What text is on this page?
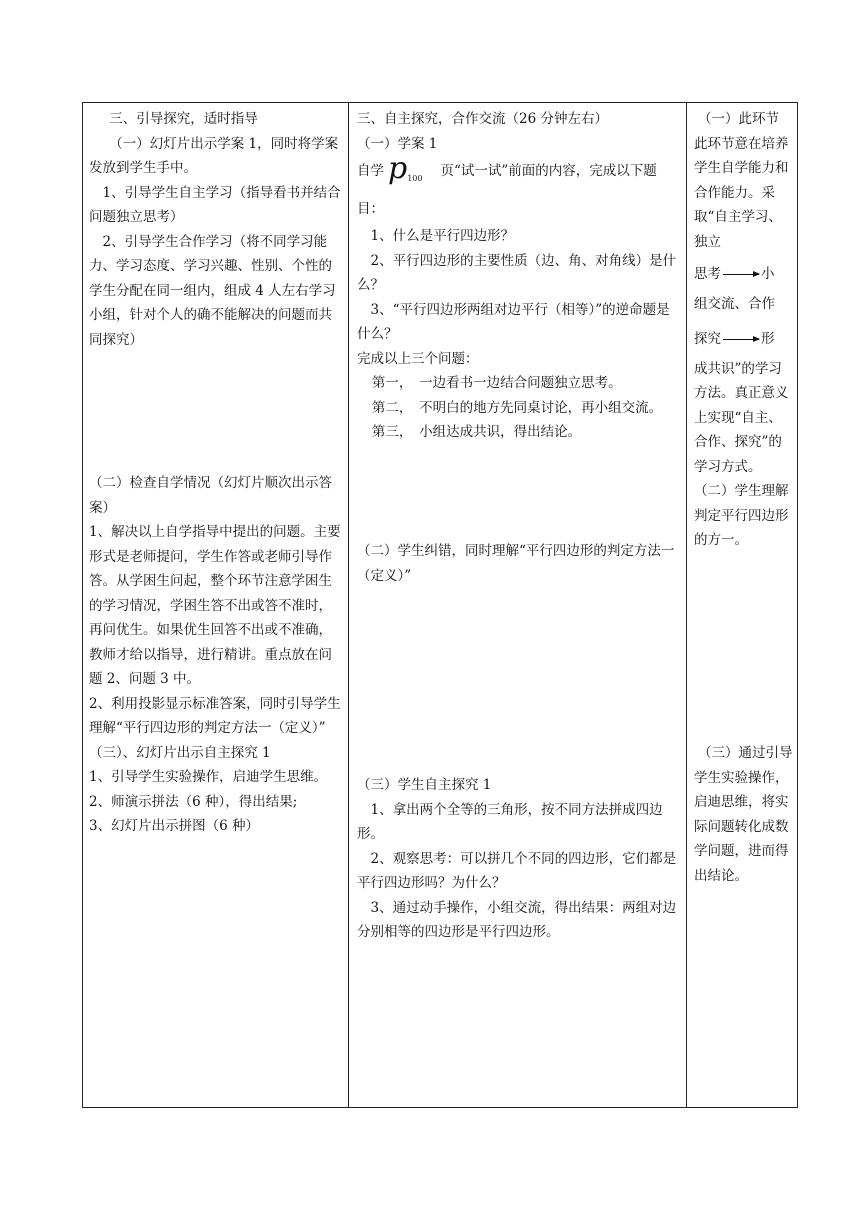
三、引导探究，适时指导
（一）幻灯片出示学案 1，同时将学案发放到学生手中。
1、引导学生自主学习（指导看书并结合问题独立思考）
2、引导学生合作学习（将不同学习能力、学习态度、学习兴趣、性别、个性的学生分配在同一组内，组成 4 人左右学习小组，针对个人的确不能解决的问题而共同探究）
（二）检查自学情况（幻灯片顺次出示答案）
1、解决以上自学指导中提出的问题。主要形式是老师提问，学生作答或老师引导作答。从学困生问起，整个环节注意学困生的学习情况，学困生答不出或答不准时，再问优生。如果优生回答不出或不准确，教师才给以指导，进行精讲。重点放在问题 2、问题 3 中。
2、利用投影显示标准答案，同时引导学生理解“平行四边形的判定方法一（定义）”
（三）、幻灯片出示自主探究 1
1、引导学生实验操作，启迪学生思维。
2、师演示拼法（6 种），得出结果;
3、幻灯片出示拼图（6 种）
三、自主探究，合作交流（26 分钟左右）
（一）学案 1
自学 $p_{100}$ 页“试一试”前面的内容，完成以下题目：
1、什么是平行四边形？
2、平行四边形的主要性质（边、角、对角线）是什么？
3、“平行四边形两组对边平行（相等）”的逆命题是什么？
完成以上三个问题：
第一，　一边看书一边结合问题独立思考。
第二，　不明白的地方先同桌讨论，再小组交流。
第三，　小组达成共识，得出结论。
（二）学生纠错，同时理解“平行四边形的判定方法一（定义）”
（三）学生自主探究 1
1、拿出两个全等的三角形，按不同方法拼成四边形。
2、观察思考：可以拼几个不同的四边形，它们都是平行四边形吗？为什么？
3、通过动手操作，小组交流，得出结果：两组对边分别相等的四边形是平行四边形。
（一）此环节
此环节意在培养学生自学能力和合作能力。采取“自主学习、独立
思考	小
组交流、合作
探究	形
成共识”的学习方法。真正意义上实现“自主、合作、探究”的学习方式。
（二）学生理解判定平行四边形的方一。
（三）通过引导学生实验操作，启迪思维，将实际问题转化成数学问题，进而得出结论。
